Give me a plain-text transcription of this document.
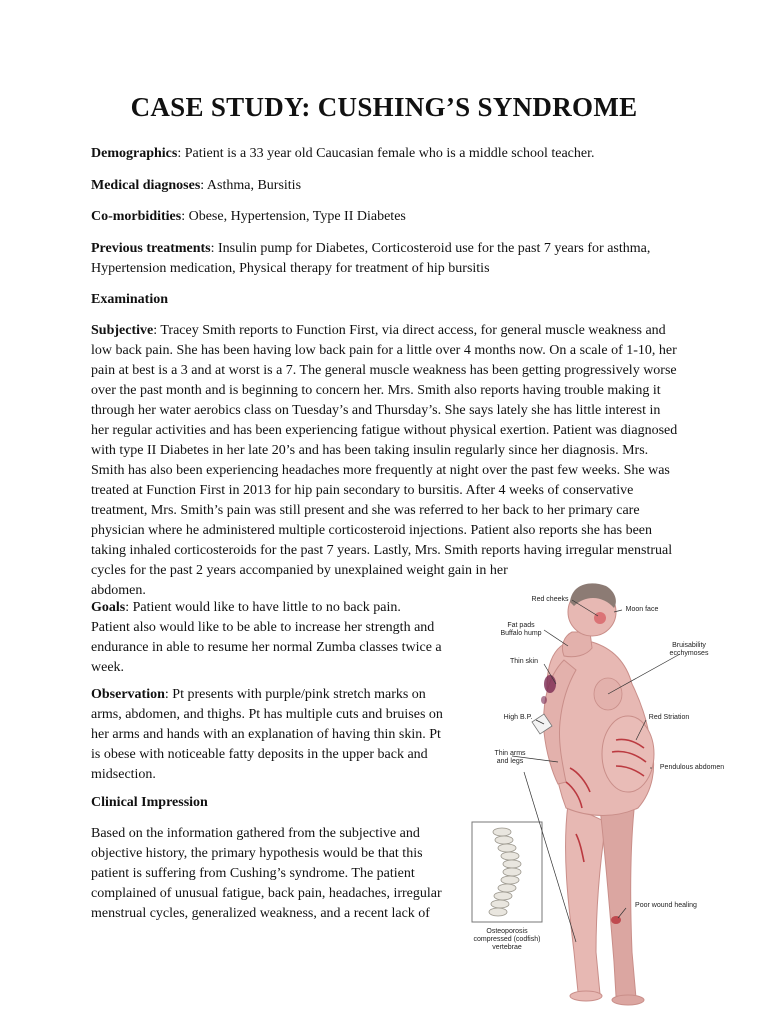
CASE STUDY: CUSHING’S SYNDROME

Demographics: Patient is a 33 year old Caucasian female who is a middle school teacher.

Medical diagnoses: Asthma, Bursitis

Co-morbidities: Obese, Hypertension, Type II Diabetes

Previous treatments: Insulin pump for Diabetes, Corticosteroid use for the past 7 years for asthma, Hypertension medication, Physical therapy for treatment of hip bursitis

Examination

Subjective: Tracey Smith reports to Function First, via direct access, for general muscle weakness and low back pain. She has been having low back pain for a little over 4 months now. On a scale of 1-10, her pain at best is a 3 and at worst is a 7. The general muscle weakness has been getting progressively worse over the past month and is beginning to concern her. Mrs. Smith also reports having trouble making it through her water aerobics class on Tuesday’s and Thursday’s. She says lately she has little interest in her regular activities and has been experiencing fatigue without physical exertion. Patient was diagnosed with type II Diabetes in her late 20’s and has been taking insulin regularly since her diagnosis. Mrs. Smith has also been experiencing headaches more frequently at night over the past few weeks. She was treated at Function First in 2013 for hip pain secondary to bursitis. After 4 weeks of conservative treatment, Mrs. Smith’s pain was still present and she was referred to her back to her primary care physician where he administered multiple corticosteroid injections. Patient also reports she has been taking inhaled corticosteroids for the past 7 years. Lastly, Mrs. Smith reports having irregular menstrual cycles for the past 2 years accompanied by unexplained weight gain in her
abdomen.

Goals: Patient would like to have little to no back pain. Patient also would like to be able to increase her strength and endurance in able to resume her normal Zumba classes twice a week.

Observation: Pt presents with purple/pink stretch marks on arms, abdomen, and thighs. Pt has multiple cuts and bruises on her arms and hands with an explanation of having thin skin. Pt is obese with noticeable fatty deposits in the upper back and midsection.

Clinical Impression

Based on the information gathered from the subjective and objective history, the primary hypothesis would be that this patient is suffering from Cushing’s syndrome. The patient complained of unusual fatigue, back pain, headaches, irregular menstrual cycles, generalized weakness, and a recent lack of

Red cheeks
Moon face
Fat pads
Buffalo hump
Bruisability
ecchymoses
Thin skin
High B.P.	Red Striation
Thin arms
and legs
Pendulous abdomen
Poor wound healing
Osteoporosis
compressed (codfish)
vertebrae
